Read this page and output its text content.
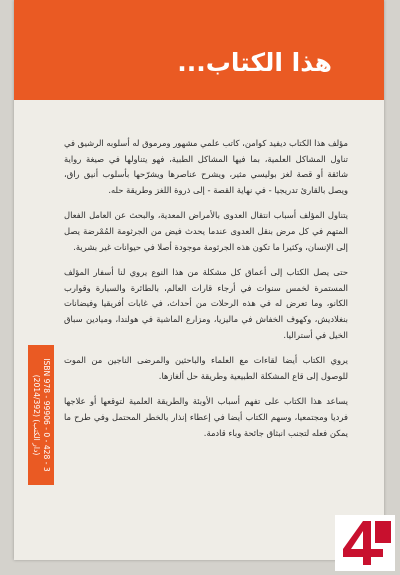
هذا الكتاب...

مؤلف هذا الكتاب ديفيد كوامن، كاتب علمي مشهور ومرموق له أسلوبه الرشيق في تناول المشاكل العلمية، بما فيها المشاكل الطبية، فهو يتناولها في صيغة رواية شائقة أو قصة لغز بوليسي مثير، ويشرح عناصرها ويشرّحها بأسلوب أنيق راق، ويصل بالقارئ تدريجيا - في نهاية القصة - إلى ذروة اللغز وطريقة حله.

يتناول المؤلف أسباب انتقال العدوى بالأمراض المعدية، والبحث عن العامل الفعال المتهم في كل مرض بنقل العدوى عندما يحدث فيض من الجرثومة المُمْرضة يصل إلى الإنسان، وكثيرا ما تكون هذه الجرثومة موجودة أصلا في حيوانات غير بشرية.

حتى يصل الكتاب إلى أعماق كل مشكلة من هذا النوع يروي لنا أسفار المؤلف المستمرة لخمس سنوات في أرجاء قارات العالم، بالطائرة والسيارة وقوارب الكانو، وما تعرض له في هذه الرحلات من أحداث، في غابات أفريقيا وفيضانات بنغلاديش، وكهوف الخفاش في ماليزيا، ومزارع الماشية في هولندا، وميادين سباق الخيل في أستراليا.

يروي الكتاب أيضا لقاءات مع العلماء والباحثين والمرضى الناجين من الموت للوصول إلى قاع المشكلة الطبيعية وطريقة حل ألغازها.

يساعد هذا الكتاب على تفهم أسباب الأوبئة والطريقة العلمية لتوقعها أو علاجها فرديا ومجتمعيا، وسهم الكتاب أيضا في إعطاء إنذار بالخطر المحتمل وفي طرح ما يمكن فعله لتجنب انبثاق جائحة وباء قادمة.

ISBN 978 - 99906 - 0 - 428 - 3
(2014/392) (دار الكتب)
